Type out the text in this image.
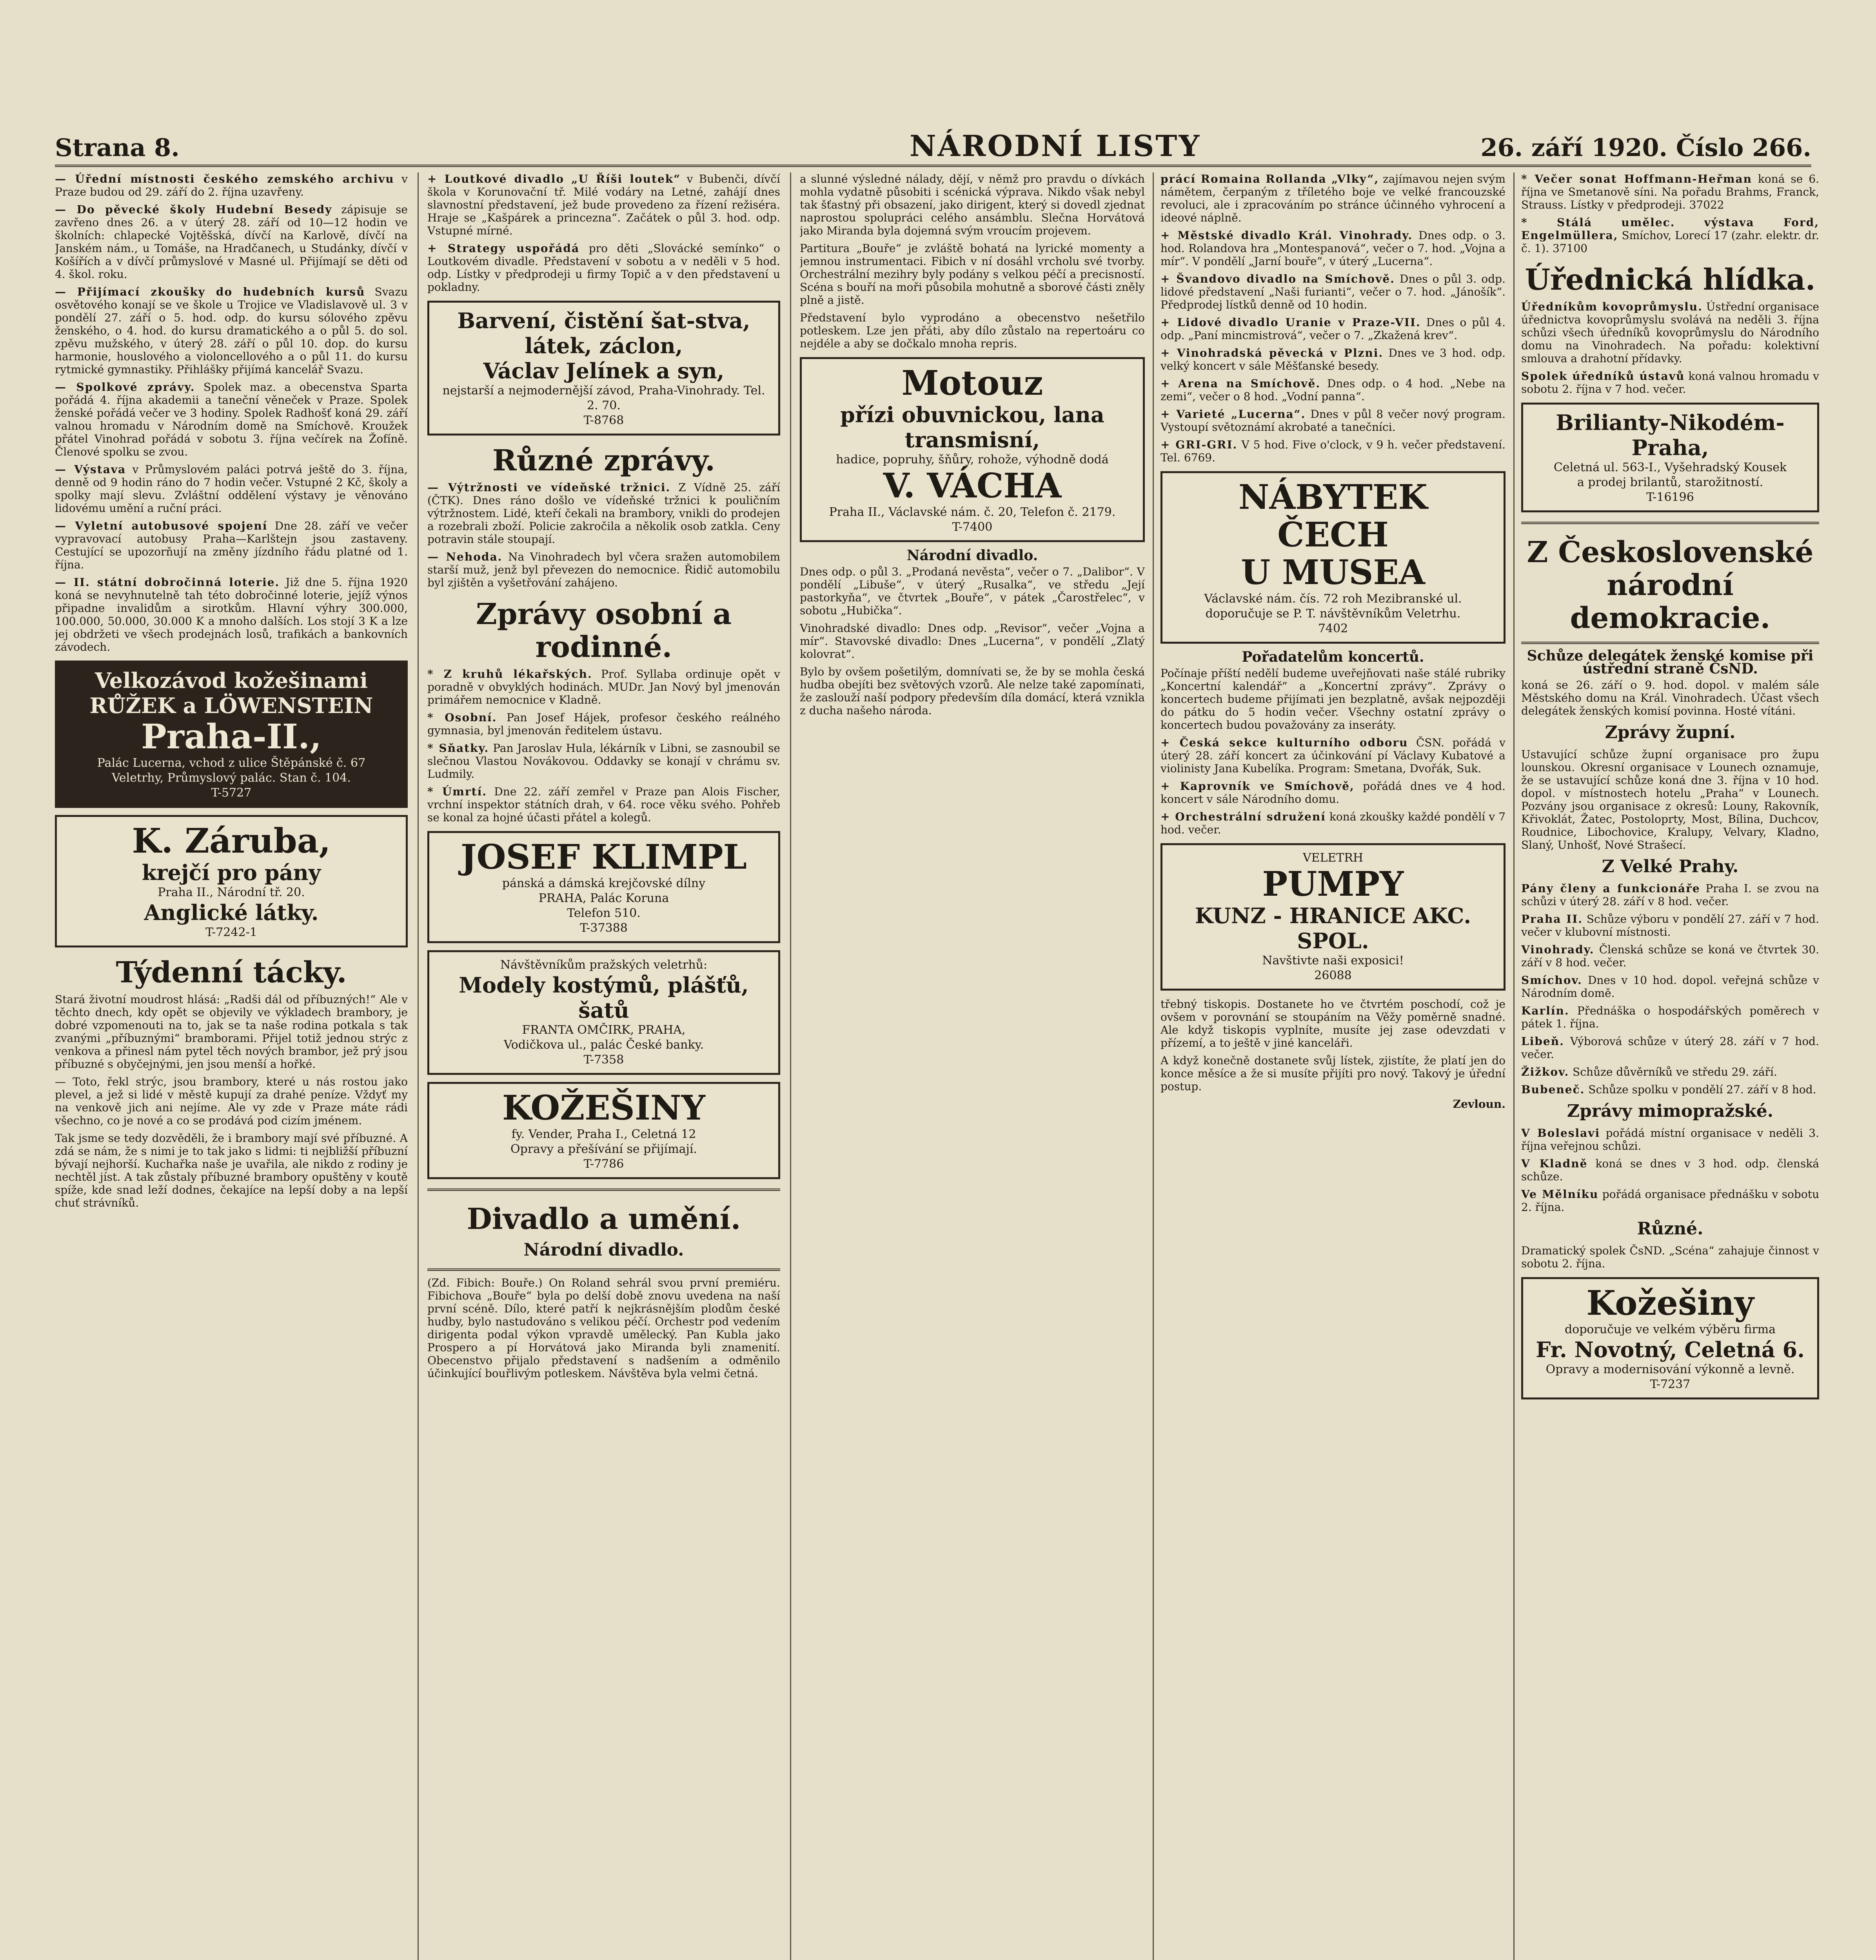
Strana 8.	NÁRODNÍ LISTY	26. září 1920. Číslo 266.
— Úřední místnosti českého zemského archivu v Praze budou od 29. září do 2. října uzavřeny.
— Do pěvecké školy Hudební Besedy zápisuje se zavřeno dnes 26. a v úterý 28. září od 10—12 hodin ve školních: chlapecké Vojtěšská, dívčí na Karlově, dívčí na Janském nám., u Tomáše, na Hradčanech, u Studánky, dívčí v Košířích a v dívčí průmyslové v Masné ul. Přijímají se děti od 4. škol. roku.
— Přijímací zkoušky do hudebních kursů Svazu osvětového konají se ve škole u Trojice ve Vladislavově ul. 3 v pondělí 27. září o 5. hod. odp. do kursu sólového zpěvu ženského, o 4. hod. do kursu dramatického a o půl 5. do sol. zpěvu mužského, v úterý 28. září o půl 10. dop. do kursu harmonie, houslového a violoncellového a o půl 11. do kursu rytmické gymnastiky. Přihlášky přijímá kancelář Svazu.
— Spolkové zprávy. Spolek maz. a obecenstva Sparta pořádá 4. října akademii a taneční věneček v Praze. Spolek ženské pořádá večer ve 3 hodiny. Spolek Radhošť koná 29. září valnou hromadu v Národním domě na Smíchově. Kroužek přátel Vinohrad pořádá v sobotu 3. října večírek na Žofíně. Členové spolku se zvou.
— Výstava v Průmyslovém paláci potrvá ještě do 3. října, denně od 9 hodin ráno do 7 hodin večer. Vstupné 2 Kč, školy a spolky mají slevu. Zvláštní oddělení výstavy je věnováno lidovému umění a ruční práci.
— Vyletní autobusové spojení Dne 28. září ve večer vypravovací autobusy Praha—Karlštejn jsou zastaveny. Cestující se upozorňují na změny jízdního řádu platné od 1. října.
— II. státní dobročinná loterie. Již dne 5. října 1920 koná se nevyhnutelně tah této dobročinné loterie, jejíž výnos připadne invalidům a sirotkům. Hlavní výhry 300.000, 100.000, 50.000, 30.000 K a mnoho dalších. Los stojí 3 K a lze jej obdržeti ve všech prodejnách losů, trafikách a bankovních závodech.
Velkozávod kožešinami
RŮŽEK a LÖWENSTEIN
Praha-II.,
Palác Lucerna, vchod z ulice Štěpánské č. 67
Veletrhy, Průmyslový palác. Stan č. 104.
T-5727
K. Záruba,
krejčí pro pány
Praha II., Národní tř. 20.
Anglické látky.
T-7242-1
Týdenní tácky.
Stará životní moudrost hlásá: „Radši dál od příbuzných!“ Ale v těchto dnech, kdy opět se objevily ve výkladech brambory, je dobré vzpomenouti na to, jak se ta naše rodina potkala s tak zvanými „příbuznými“ bramborami. Přijel totiž jednou strýc z venkova a přinesl nám pytel těch nových brambor, jež prý jsou příbuzné s obyčejnými, jen jsou menší a hořké.
— Toto, řekl strýc, jsou brambory, které u nás rostou jako plevel, a jež si lidé v městě kupují za drahé peníze. Vždyť my na venkově jich ani nejíme. Ale vy zde v Praze máte rádi všechno, co je nové a co se prodává pod cizím jménem.
Tak jsme se tedy dozvěděli, že i brambory mají své příbuzné. A zdá se nám, že s nimi je to tak jako s lidmi: ti nejbližší příbuzní bývají nejhorší. Kuchařka naše je uvařila, ale nikdo z rodiny je nechtěl jíst. A tak zůstaly příbuzné brambory opuštěny v koutě spíže, kde snad leží dodnes, čekajíce na lepší doby a na lepší chuť strávníků.
+ Loutkové divadlo „U Říši loutek“ v Bubenči, dívčí škola v Korunovační tř. Milé vodáry na Letné, zahájí dnes slavnostní představení, jež bude provedeno za řízení režiséra. Hraje se „Kašpárek a princezna“. Začátek o půl 3. hod. odp. Vstupné mírné.
+ Strategy uspořádá pro děti „Slovácké semínko“ o Loutkovém divadle. Představení v sobotu a v neděli v 5 hod. odp. Lístky v předprodeji u firmy Topič a v den představení u pokladny.
Barvení, čistění šat-stva, látek, záclon,
Václav Jelínek a syn,
nejstarší a nejmodernější závod, Praha-Vinohrady. Tel. 2. 70.
T-8768
Různé zprávy.
— Výtržnosti ve vídeňské tržnici. Z Vídně 25. září (ČTK). Dnes ráno došlo ve vídeňské tržnici k pouličním výtržnostem. Lidé, kteří čekali na brambory, vnikli do prodejen a rozebrali zboží. Policie zakročila a několik osob zatkla. Ceny potravin stále stoupají.
— Nehoda. Na Vinohradech byl včera sražen automobilem starší muž, jenž byl převezen do nemocnice. Řidič automobilu byl zjištěn a vyšetřování zahájeno.
Zprávy osobní a rodinné.
* Z kruhů lékařských. Prof. Syllaba ordinuje opět v poradně v obvyklých hodinách. MUDr. Jan Nový byl jmenován primářem nemocnice v Kladně.
* Osobní. Pan Josef Hájek, profesor českého reálného gymnasia, byl jmenován ředitelem ústavu.
* Sňatky. Pan Jaroslav Hula, lékárník v Libni, se zasnoubil se slečnou Vlastou Novákovou. Oddavky se konají v chrámu sv. Ludmily.
* Úmrtí. Dne 22. září zemřel v Praze pan Alois Fischer, vrchní inspektor státních drah, v 64. roce věku svého. Pohřeb se konal za hojné účasti přátel a kolegů.
JOSEF KLIMPL
pánská a dámská krejčovské dílny
PRAHA, Palác Koruna
Telefon 510.
T-37388
Návštěvníkům pražských veletrhů:
Modely kostýmů, plášťů, šatů
FRANTA OMČIRK, PRAHA,
Vodičkova ul., palác České banky.
T-7358
KOŽEŠINY
fy. Vender, Praha I., Celetná 12
Opravy a přešívání se přijímají.
T-7786
Divadlo a umění.
Národní divadlo.
(Zd. Fibich: Bouře.) On Roland sehrál svou první premiéru. Fibichova „Bouře“ byla po delší době znovu uvedena na naší první scéně. Dílo, které patří k nejkrásnějším plodům české hudby, bylo nastudováno s velikou péčí. Orchestr pod vedením dirigenta podal výkon vpravdě umělecký. Pan Kubla jako Prospero a pí Horvátová jako Miranda byli znamenití. Obecenstvo přijalo představení s nadšením a odměnilo účinkující bouřlivým potleskem. Návštěva byla velmi četná.
a slunné výsledné nálady, dějí, v němž pro pravdu o dívkách mohla vydatně působiti i scénická výprava. Nikdo však nebyl tak šťastný při obsazení, jako dirigent, který si dovedl zjednat naprostou spolupráci celého ansámblu. Slečna Horvátová jako Miranda byla dojemná svým vroucím projevem.
Partitura „Bouře“ je zvláště bohatá na lyrické momenty a jemnou instrumentaci. Fibich v ní dosáhl vrcholu své tvorby. Orchestrální mezihry byly podány s velkou péčí a precisností. Scéna s bouří na moři působila mohutně a sborové části zněly plně a jistě.
Představení bylo vyprodáno a obecenstvo nešetřilo potleskem. Lze jen přáti, aby dílo zůstalo na repertoáru co nejdéle a aby se dočkalo mnoha repris.
Motouz
přízi obuvnickou, lana transmisní,
hadice, popruhy, šňůry, rohože, výhodně dodá
V. VÁCHA
Praha II., Václavské nám. č. 20, Telefon č. 2179.
T-7400
Národní divadlo.
Dnes odp. o půl 3. „Prodaná nevěsta“, večer o 7. „Dalibor“. V pondělí „Libuše“, v úterý „Rusalka“, ve středu „Její pastorkyňa“, ve čtvrtek „Bouře“, v pátek „Čarostřelec“, v sobotu „Hubička“.
Vinohradské divadlo: Dnes odp. „Revisor“, večer „Vojna a mír“. Stavovské divadlo: Dnes „Lucerna“, v pondělí „Zlatý kolovrat“.
Bylo by ovšem pošetilým, domnívati se, že by se mohla česká hudba obejíti bez světových vzorů. Ale nelze také zapomínati, že zaslouží naší podpory především díla domácí, která vznikla z ducha našeho národa.
prácí Romaina Rollanda „Vlky“, zajímavou nejen svým námětem, čerpaným z tříletého boje ve velké francouzské revoluci, ale i zpracováním po stránce účinného vyhrocení a ideové náplně.
+ Městské divadlo Král. Vinohrady. Dnes odp. o 3. hod. Rolandova hra „Montespanová“, večer o 7. hod. „Vojna a mír“. V pondělí „Jarní bouře“, v úterý „Lucerna“.
+ Švandovo divadlo na Smíchově. Dnes o půl 3. odp. lidové představení „Naši furianti“, večer o 7. hod. „Jánošík“. Předprodej lístků denně od 10 hodin.
+ Lidové divadlo Uranie v Praze-VII. Dnes o půl 4. odp. „Paní mincmistrová“, večer o 7. „Zkažená krev“.
+ Vinohradská pěvecká v Plzni. Dnes ve 3 hod. odp. velký koncert v sále Měšťanské besedy.
+ Arena na Smíchově. Dnes odp. o 4 hod. „Nebe na zemi“, večer o 8 hod. „Vodní panna“.
+ Varieté „Lucerna“. Dnes v půl 8 večer nový program. Vystoupí světoznámí akrobaté a tanečníci.
+ GRI-GRI. V 5 hod. Five o'clock, v 9 h. večer představení. Tel. 6769.
NÁBYTEK
ČECH
U MUSEA
Václavské nám. čís. 72 roh Mezibranské ul.
doporučuje se P. T. návštěvníkům Veletrhu.
7402
Pořadatelům koncertů.
Počínaje příští nedělí budeme uveřejňovati naše stálé rubriky „Koncertní kalendář“ a „Koncertní zprávy“. Zprávy o koncertech budeme přijímati jen bezplatně, avšak nejpozději do pátku do 5 hodin večer. Všechny ostatní zprávy o koncertech budou považovány za inseráty.
+ Česká sekce kulturního odboru ČSN. pořádá v úterý 28. září koncert za účinkování pí Václavy Kubatové a violinisty Jana Kubelíka. Program: Smetana, Dvořák, Suk.
+ Kaprovník ve Smíchově, pořádá dnes ve 4 hod. koncert v sále Národního domu.
+ Orchestrální sdružení koná zkoušky každé pondělí v 7 hod. večer.
VELETRH
PUMPY
KUNZ - HRANICE AKC. SPOL.
Navštivte naši exposici!
26088
třebný tiskopis. Dostanete ho ve čtvrtém poschodí, což je ovšem v porovnání se stoupáním na Věžy poměrně snadné. Ale když tiskopis vyplníte, musíte jej zase odevzdati v přízemí, a to ještě v jiné kanceláři.
A když konečně dostanete svůj lístek, zjistíte, že platí jen do konce měsíce a že si musíte přijíti pro nový. Takový je úřední postup.
Zevloun.
* Večer sonat Hoffmann-Heřman koná se 6. října ve Smetanově síni. Na pořadu Brahms, Franck, Strauss. Lístky v předprodeji. 37022
* Stálá umělec. výstava Ford, Engelmüllera, Smíchov, Lorecí 17 (zahr. elektr. dr. č. 1). 37100
Úřednická hlídka.
Úředníkům kovoprůmyslu. Ústřední organisace úřednictva kovoprůmyslu svolává na neděli 3. října schůzi všech úředníků kovoprůmyslu do Národního domu na Vinohradech. Na pořadu: kolektivní smlouva a drahotní přídavky.
Spolek úředníků ústavů koná valnou hromadu v sobotu 2. října v 7 hod. večer.
Brilianty-Nikodém-Praha,
Celetná ul. 563-I., Vyšehradský Kousek
a prodej brilantů, starožitností.
T-16196
Z Československé národní demokracie.
Schůze delegátek ženské komise při ústřední straně ČsND.
koná se 26. září o 9. hod. dopol. v malém sále Městského domu na Král. Vinohradech. Účast všech delegátek ženských komisí povinna. Hosté vítáni.
Zprávy župní.
Ustavující schůze župní organisace pro župu lounskou. Okresní organisace v Lounech oznamuje, že se ustavující schůze koná dne 3. října v 10 hod. dopol. v místnostech hotelu „Praha“ v Lounech. Pozvány jsou organisace z okresů: Louny, Rakovník, Křivoklát, Žatec, Postoloprty, Most, Bílina, Duchcov, Roudnice, Libochovice, Kralupy, Velvary, Kladno, Slaný, Unhošť, Nové Strašecí.
Z Velké Prahy.
Pány členy a funkcionáře Praha I. se zvou na schůzi v úterý 28. září v 8 hod. večer.
Praha II. Schůze výboru v pondělí 27. září v 7 hod. večer v klubovní místnosti.
Vinohrady. Členská schůze se koná ve čtvrtek 30. září v 8 hod. večer.
Smíchov. Dnes v 10 hod. dopol. veřejná schůze v Národním domě.
Karlín. Přednáška o hospodářských poměrech v pátek 1. října.
Libeň. Výborová schůze v úterý 28. září v 7 hod. večer.
Žižkov. Schůze důvěrníků ve středu 29. září.
Bubeneč. Schůze spolku v pondělí 27. září v 8 hod.
Zprávy mimopražské.
V Boleslavi pořádá místní organisace v neděli 3. října veřejnou schůzi.
V Kladně koná se dnes v 3 hod. odp. členská schůze.
Ve Mělníku pořádá organisace přednášku v sobotu 2. října.
Různé.
Dramatický spolek ČsND. „Scéna“ zahajuje činnost v sobotu 2. října.
Kožešiny
doporučuje ve velkém výběru firma
Fr. Novotný, Celetná 6.
Opravy a modernisování výkonně a levně.
T-7237
